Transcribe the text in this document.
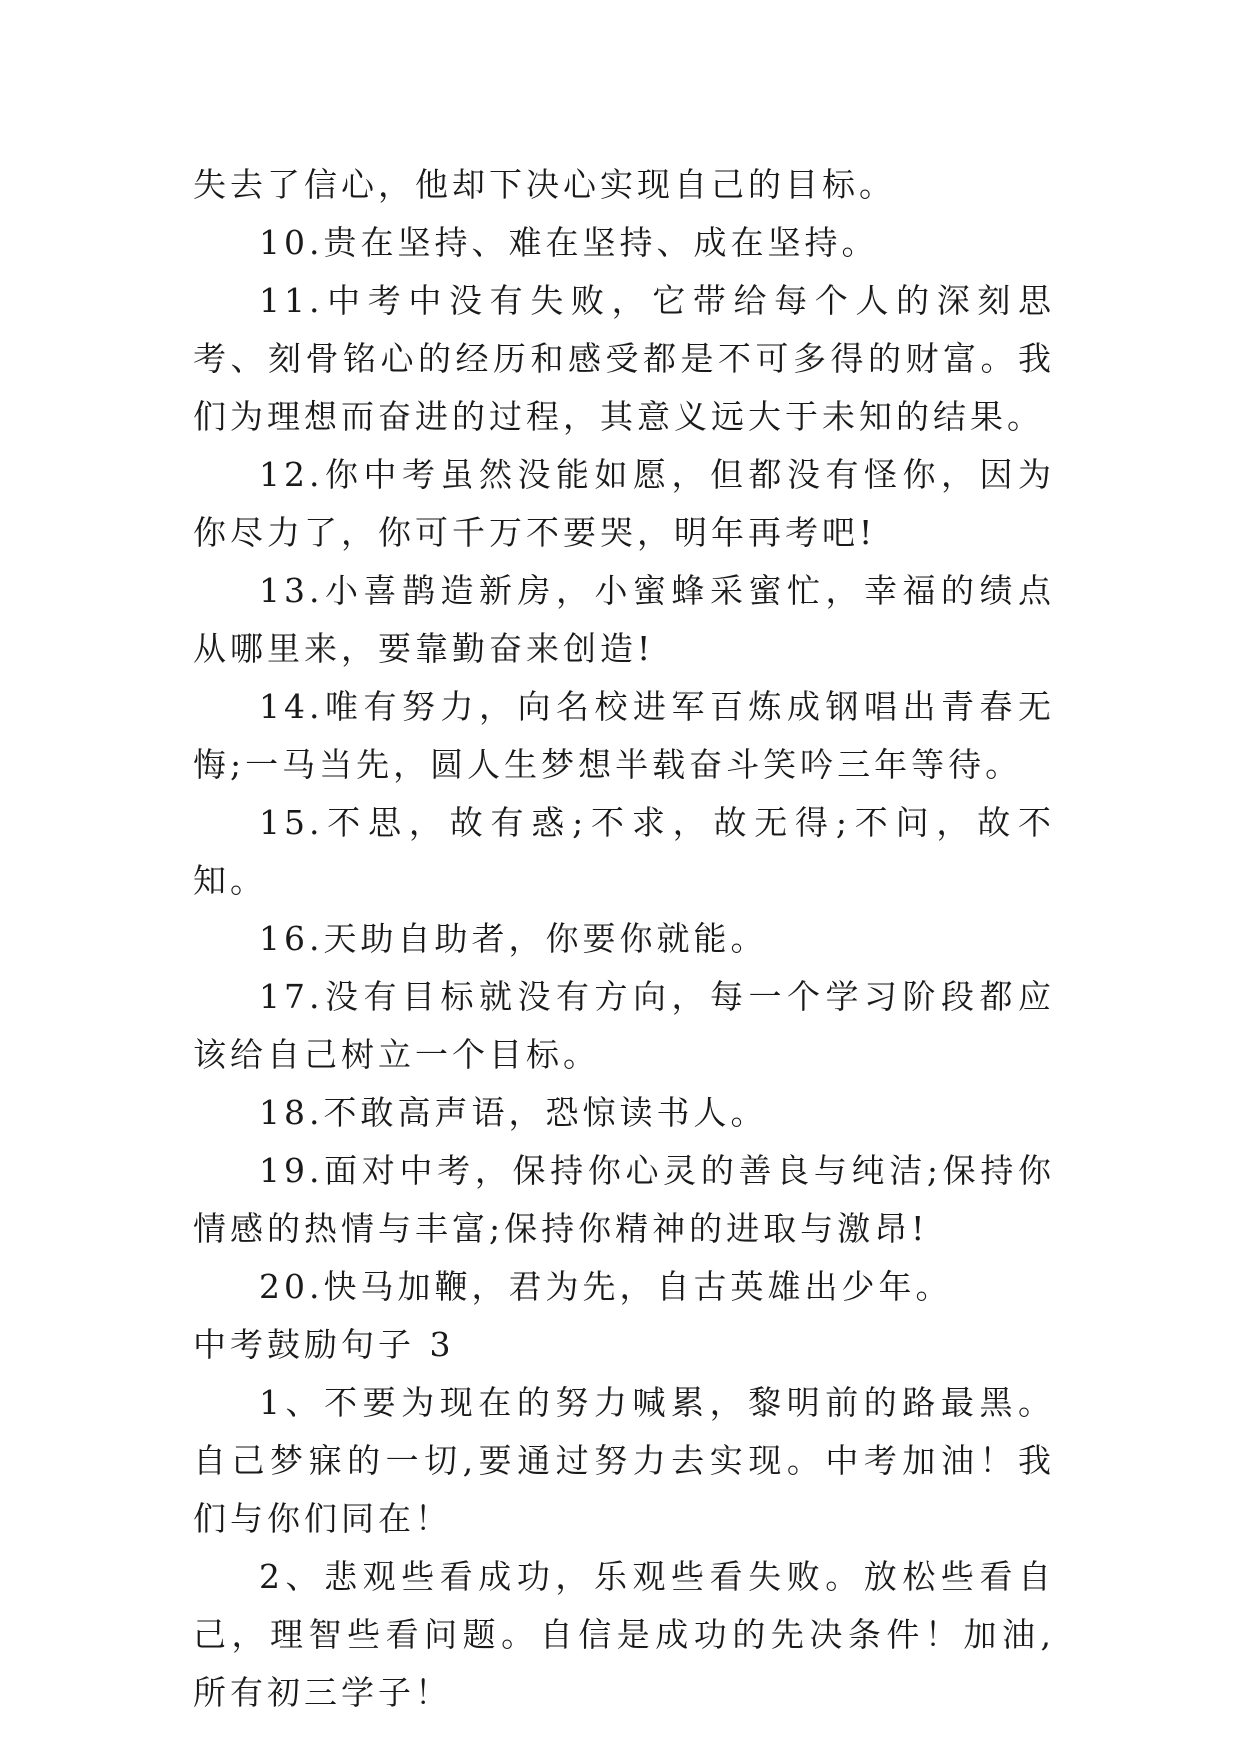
失去了信心，他却下决心实现自己的目标。

10.贵在坚持、难在坚持、成在坚持。

11.中考中没有失败，它带给每个人的深刻思考、刻骨铭心的经历和感受都是不可多得的财富。我们为理想而奋进的过程，其意义远大于未知的结果。

12.你中考虽然没能如愿，但都没有怪你，因为你尽力了，你可千万不要哭，明年再考吧!

13.小喜鹊造新房，小蜜蜂采蜜忙，幸福的绩点从哪里来，要靠勤奋来创造!

14.唯有努力，向名校进军百炼成钢唱出青春无悔;一马当先，圆人生梦想半载奋斗笑吟三年等待。

15.不思，故有惑;不求，故无得;不问，故不知。

16.天助自助者，你要你就能。

17.没有目标就没有方向，每一个学习阶段都应该给自己树立一个目标。

18.不敢高声语，恐惊读书人。

19.面对中考，保持你心灵的善良与纯洁;保持你情感的热情与丰富;保持你精神的进取与激昂!

20.快马加鞭，君为先，自古英雄出少年。

中考鼓励句子 3

1、不要为现在的努力喊累，黎明前的路最黑。自己梦寐的一切,要通过努力去实现。中考加油！我们与你们同在！

2、悲观些看成功，乐观些看失败。放松些看自己，理智些看问题。自信是成功的先决条件！加油,所有初三学子！
